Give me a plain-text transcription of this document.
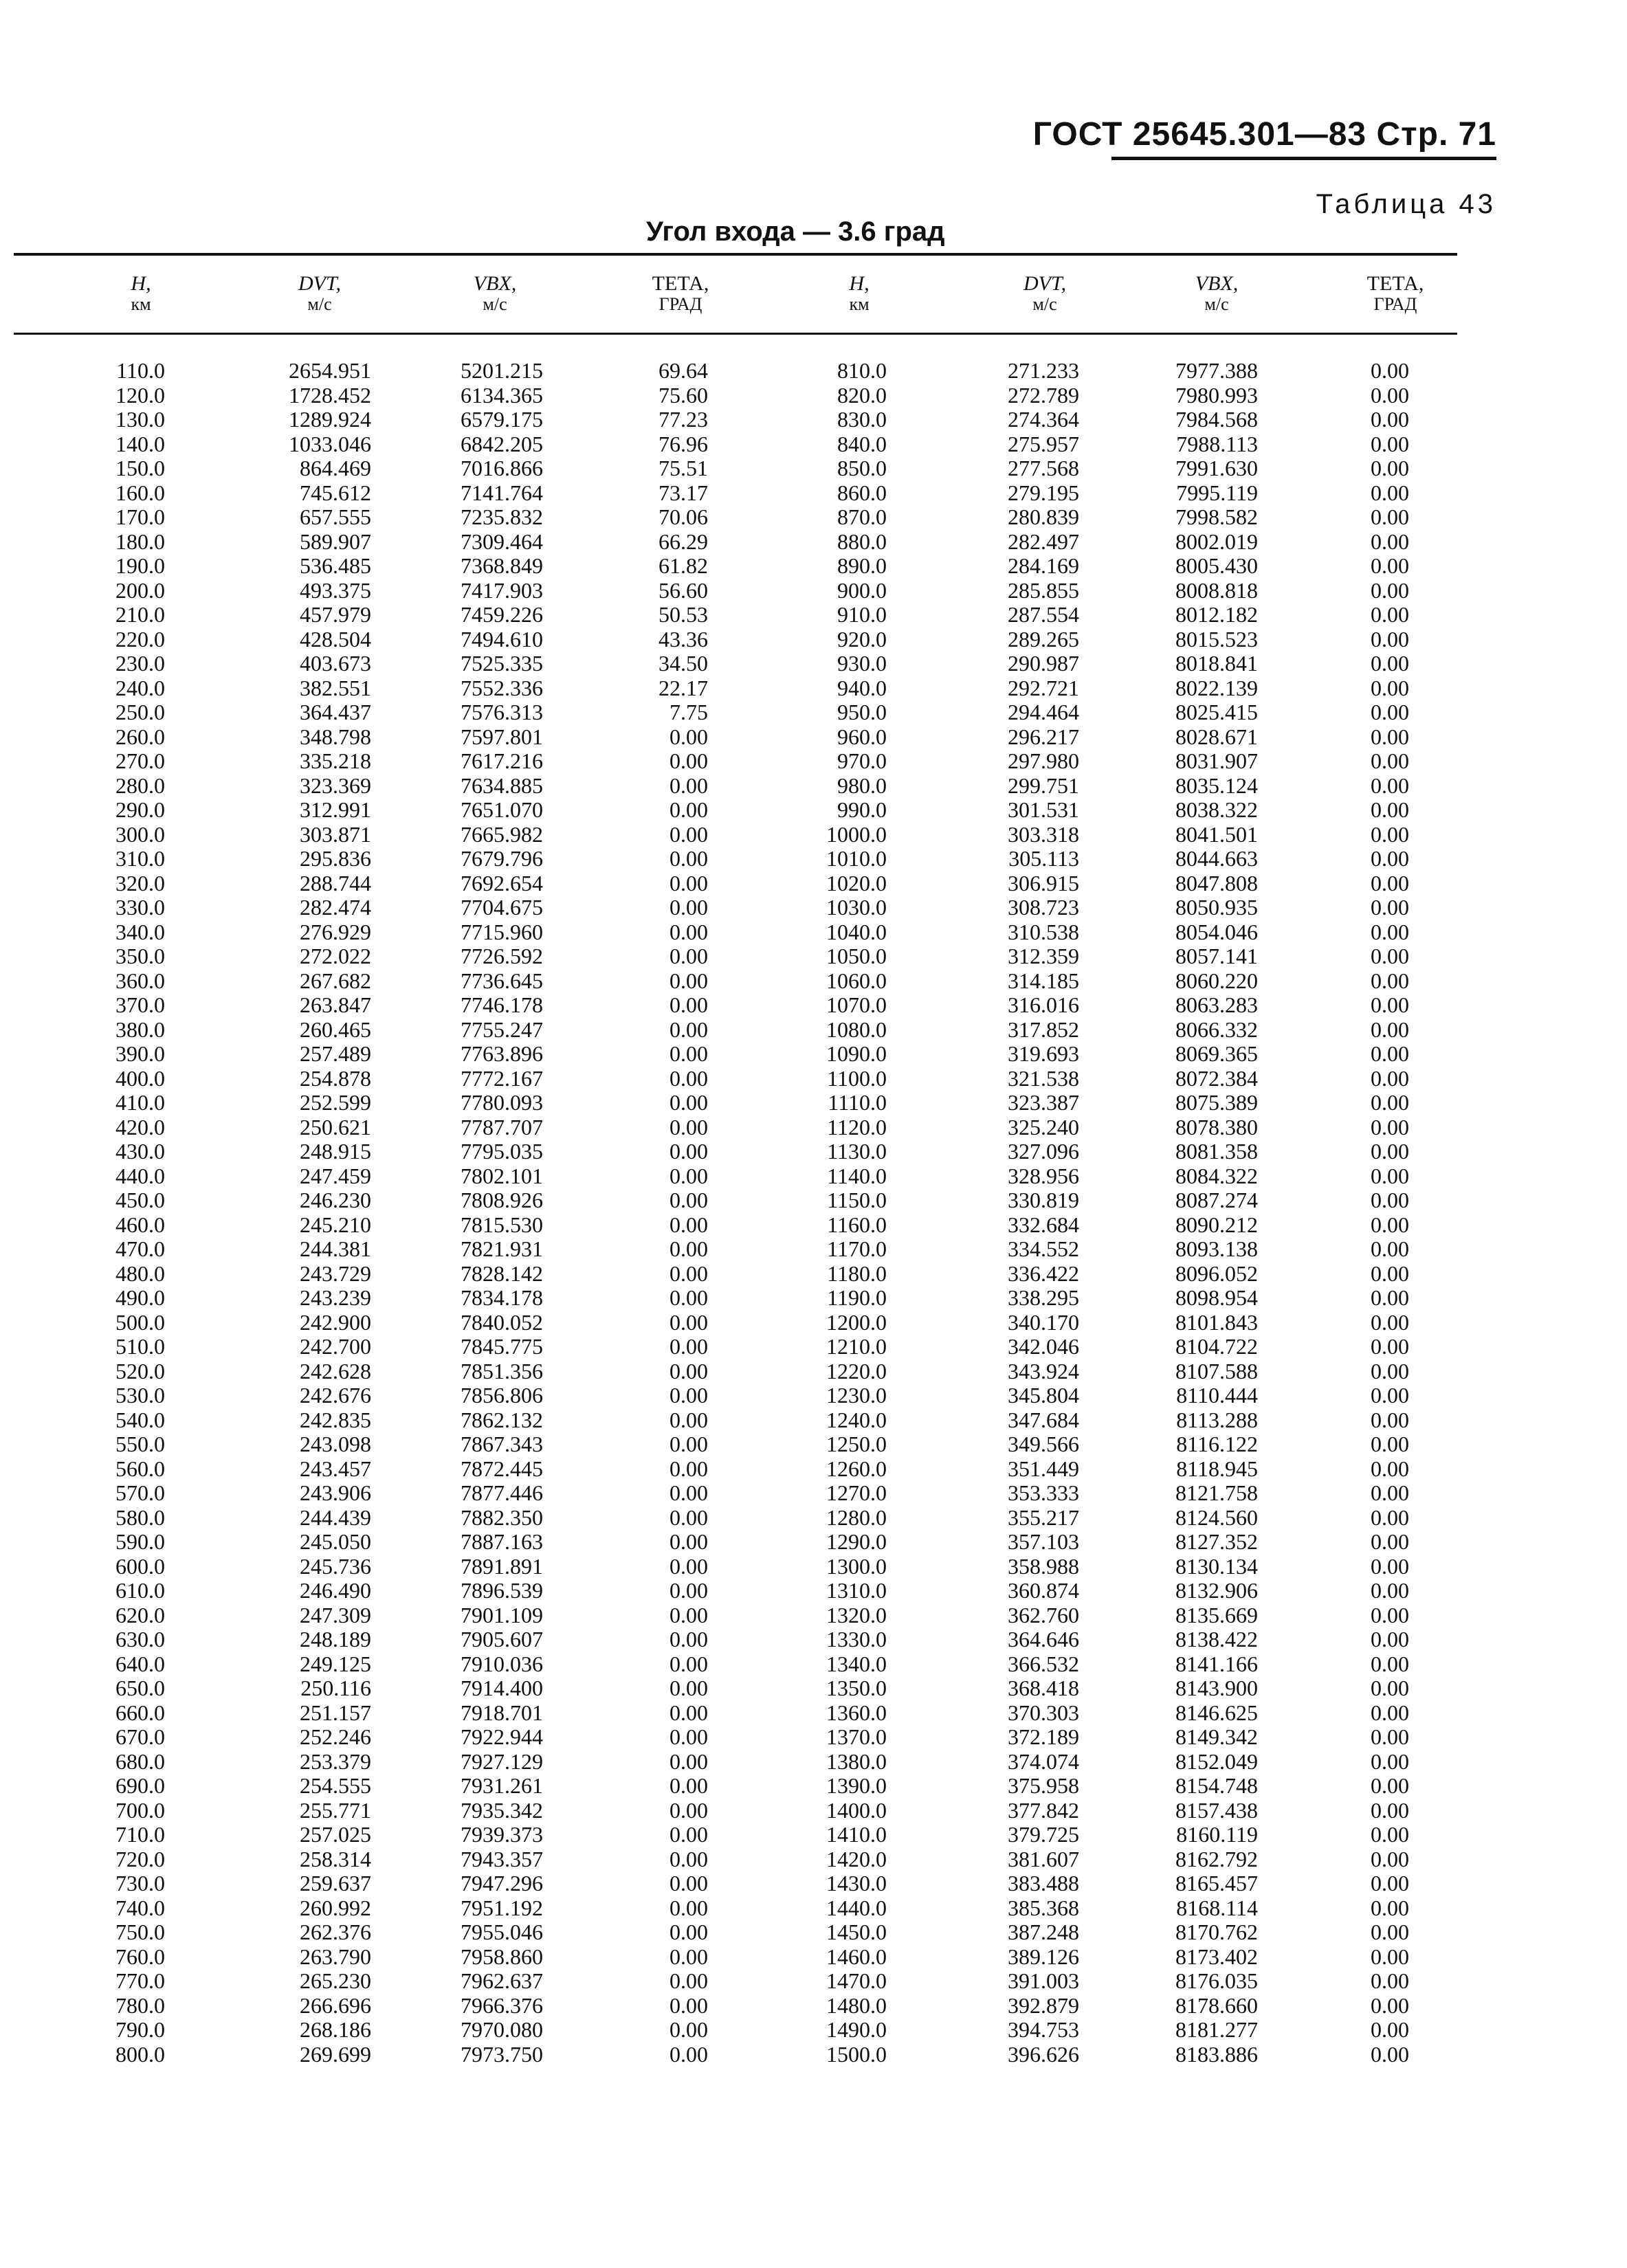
ГОСТ 25645.301—83 Стр. 71
Таблица 43
Угол входа — 3.6 град
H,
км
DVT,
м/с
VBX,
м/с
ТЕТА,
ГРАД
H,
км
DVT,
м/с
VBX,
м/с
ТЕТА,
ГРАД
110.0
120.0
130.0
140.0
150.0
160.0
170.0
180.0
190.0
200.0
210.0
220.0
230.0
240.0
250.0
260.0
270.0
280.0
290.0
300.0
310.0
320.0
330.0
340.0
350.0
360.0
370.0
380.0
390.0
400.0
410.0
420.0
430.0
440.0
450.0
460.0
470.0
480.0
490.0
500.0
510.0
520.0
530.0
540.0
550.0
560.0
570.0
580.0
590.0
600.0
610.0
620.0
630.0
640.0
650.0
660.0
670.0
680.0
690.0
700.0
710.0
720.0
730.0
740.0
750.0
760.0
770.0
780.0
790.0
800.0
2654.951
1728.452
1289.924
1033.046
864.469
745.612
657.555
589.907
536.485
493.375
457.979
428.504
403.673
382.551
364.437
348.798
335.218
323.369
312.991
303.871
295.836
288.744
282.474
276.929
272.022
267.682
263.847
260.465
257.489
254.878
252.599
250.621
248.915
247.459
246.230
245.210
244.381
243.729
243.239
242.900
242.700
242.628
242.676
242.835
243.098
243.457
243.906
244.439
245.050
245.736
246.490
247.309
248.189
249.125
250.116
251.157
252.246
253.379
254.555
255.771
257.025
258.314
259.637
260.992
262.376
263.790
265.230
266.696
268.186
269.699
5201.215
6134.365
6579.175
6842.205
7016.866
7141.764
7235.832
7309.464
7368.849
7417.903
7459.226
7494.610
7525.335
7552.336
7576.313
7597.801
7617.216
7634.885
7651.070
7665.982
7679.796
7692.654
7704.675
7715.960
7726.592
7736.645
7746.178
7755.247
7763.896
7772.167
7780.093
7787.707
7795.035
7802.101
7808.926
7815.530
7821.931
7828.142
7834.178
7840.052
7845.775
7851.356
7856.806
7862.132
7867.343
7872.445
7877.446
7882.350
7887.163
7891.891
7896.539
7901.109
7905.607
7910.036
7914.400
7918.701
7922.944
7927.129
7931.261
7935.342
7939.373
7943.357
7947.296
7951.192
7955.046
7958.860
7962.637
7966.376
7970.080
7973.750
69.64
75.60
77.23
76.96
75.51
73.17
70.06
66.29
61.82
56.60
50.53
43.36
34.50
22.17
7.75
0.00
0.00
0.00
0.00
0.00
0.00
0.00
0.00
0.00
0.00
0.00
0.00
0.00
0.00
0.00
0.00
0.00
0.00
0.00
0.00
0.00
0.00
0.00
0.00
0.00
0.00
0.00
0.00
0.00
0.00
0.00
0.00
0.00
0.00
0.00
0.00
0.00
0.00
0.00
0.00
0.00
0.00
0.00
0.00
0.00
0.00
0.00
0.00
0.00
0.00
0.00
0.00
0.00
0.00
0.00
810.0
820.0
830.0
840.0
850.0
860.0
870.0
880.0
890.0
900.0
910.0
920.0
930.0
940.0
950.0
960.0
970.0
980.0
990.0
1000.0
1010.0
1020.0
1030.0
1040.0
1050.0
1060.0
1070.0
1080.0
1090.0
1100.0
1110.0
1120.0
1130.0
1140.0
1150.0
1160.0
1170.0
1180.0
1190.0
1200.0
1210.0
1220.0
1230.0
1240.0
1250.0
1260.0
1270.0
1280.0
1290.0
1300.0
1310.0
1320.0
1330.0
1340.0
1350.0
1360.0
1370.0
1380.0
1390.0
1400.0
1410.0
1420.0
1430.0
1440.0
1450.0
1460.0
1470.0
1480.0
1490.0
1500.0
271.233
272.789
274.364
275.957
277.568
279.195
280.839
282.497
284.169
285.855
287.554
289.265
290.987
292.721
294.464
296.217
297.980
299.751
301.531
303.318
305.113
306.915
308.723
310.538
312.359
314.185
316.016
317.852
319.693
321.538
323.387
325.240
327.096
328.956
330.819
332.684
334.552
336.422
338.295
340.170
342.046
343.924
345.804
347.684
349.566
351.449
353.333
355.217
357.103
358.988
360.874
362.760
364.646
366.532
368.418
370.303
372.189
374.074
375.958
377.842
379.725
381.607
383.488
385.368
387.248
389.126
391.003
392.879
394.753
396.626
7977.388
7980.993
7984.568
7988.113
7991.630
7995.119
7998.582
8002.019
8005.430
8008.818
8012.182
8015.523
8018.841
8022.139
8025.415
8028.671
8031.907
8035.124
8038.322
8041.501
8044.663
8047.808
8050.935
8054.046
8057.141
8060.220
8063.283
8066.332
8069.365
8072.384
8075.389
8078.380
8081.358
8084.322
8087.274
8090.212
8093.138
8096.052
8098.954
8101.843
8104.722
8107.588
8110.444
8113.288
8116.122
8118.945
8121.758
8124.560
8127.352
8130.134
8132.906
8135.669
8138.422
8141.166
8143.900
8146.625
8149.342
8152.049
8154.748
8157.438
8160.119
8162.792
8165.457
8168.114
8170.762
8173.402
8176.035
8178.660
8181.277
8183.886
0.00
0.00
0.00
0.00
0.00
0.00
0.00
0.00
0.00
0.00
0.00
0.00
0.00
0.00
0.00
0.00
0.00
0.00
0.00
0.00
0.00
0.00
0.00
0.00
0.00
0.00
0.00
0.00
0.00
0.00
0.00
0.00
0.00
0.00
0.00
0.00
0.00
0.00
0.00
0.00
0.00
0.00
0.00
0.00
0.00
0.00
0.00
0.00
0.00
0.00
0.00
0.00
0.00
0.00
0.00
0.00
0.00
0.00
0.00
0.00
0.00
0.00
0.00
0.00
0.00
0.00
0.00
0.00
0.00
0.00
